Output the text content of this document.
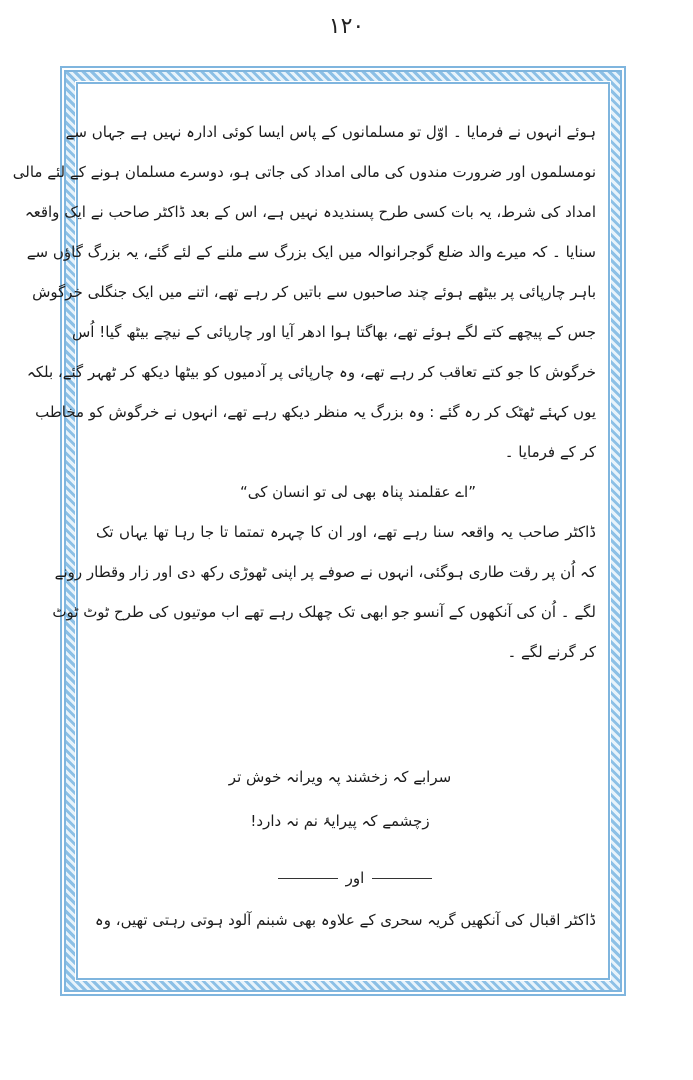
١٢٠
ہوئے انہوں نے فرمایا ۔ اوّل تو مسلمانوں کے پاس ایسا کوئی ادارہ نہیں ہے جہاں سے
نومسلموں اور ضرورت مندوں کی مالی امداد کی جاتی ہو، دوسرے مسلمان ہونے کے لئے مالی
امداد کی شرط، یہ بات کسی طرح پسندیدہ نہیں ہے، اس کے بعد ڈاکٹر صاحب نے ایک واقعہ
سنایا ۔ کہ میرے والد ضلع گوجرانوالہ میں ایک بزرگ سے ملنے کے لئے گئے، یہ بزرگ گاؤں سے
باہر چارپائی پر بیٹھے ہوئے چند صاحبوں سے باتیں کر رہے تھے، اتنے میں ایک جنگلی خرگوش
جس کے پیچھے کتے لگے ہوئے تھے، بھاگتا ہوا ادھر آیا اور چارپائی کے نیچے بیٹھ گیا! اُس
خرگوش کا جو کتے تعاقب کر رہے تھے، وہ چارپائی پر آدمیوں کو بیٹھا دیکھ کر ٹھہر گئے، بلکہ
یوں کہئے ٹھٹک کر رہ گئے : وہ بزرگ یہ منظر دیکھ رہے تھے، انہوں نے خرگوش کو مخاطب
کر کے فرمایا ۔
”اے عقلمند پناہ بھی لی تو انسان کی“
ڈاکٹر صاحب یہ واقعہ سنا رہے تھے، اور ان کا چہرہ تمتما تا جا رہا تھا یہاں تک
کہ اُن پر رقت طاری ہوگئی، انہوں نے صوفے پر اپنی ٹھوڑی رکھ دی اور زار وقطار رونے
لگے ۔ اُن کی آنکھوں کے آنسو جو ابھی تک چھلک رہے تھے اب موتیوں کی طرح ٹوٹ ٹوٹ
کر گرنے لگے ۔
سرابے کہ زخشند پہ ویرانہ خوش تر
زچشمے کہ پیرایۂ نم نہ دارد!
اور
ڈاکٹر اقبال کی آنکھیں گریہ سحری کے علاوہ بھی شبنم آلود ہوتی رہتی تھیں، وہ
